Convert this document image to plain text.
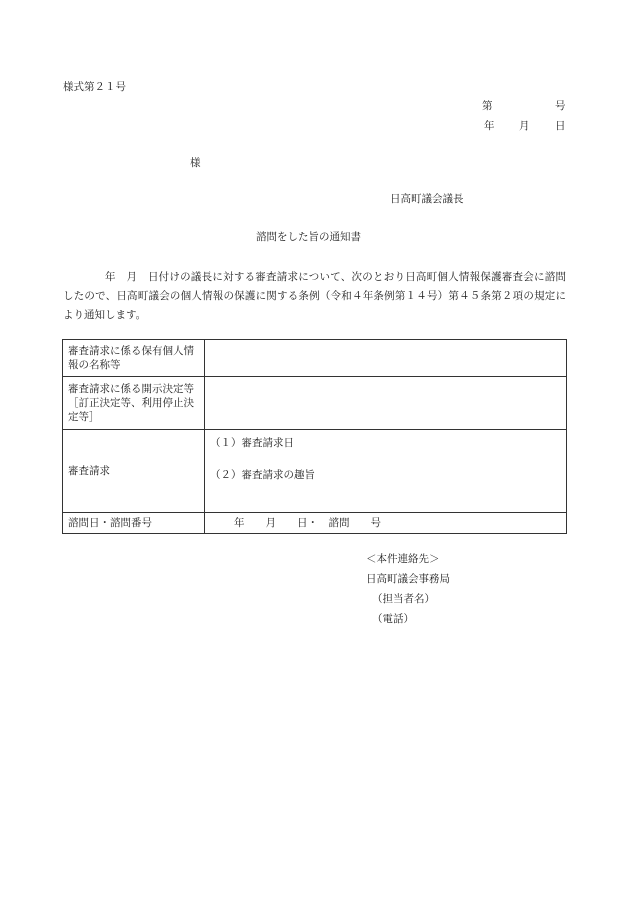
様式第２１号
第	号
年 月 日
様
日高町議会議長
諮問をした旨の通知書
年　月　日付けの議長に対する審査請求について、次のとおり日高町個人情報保護審査会に諮問したので、日高町議会の個人情報の保護に関する条例（令和４年条例第１４号）第４５条第２項の規定により通知します。
審査請求に係る保有個人情報の名称等	
審査請求に係る開示決定等［訂正決定等、利用停止決定等］	
審査請求	（１）審査請求日
（２）審査請求の趣旨

諮問日・諮問番号	年　　月　　日・　諮問　　号
＜本件連絡先＞
日高町議会事務局
（担当者名）
（電話）
